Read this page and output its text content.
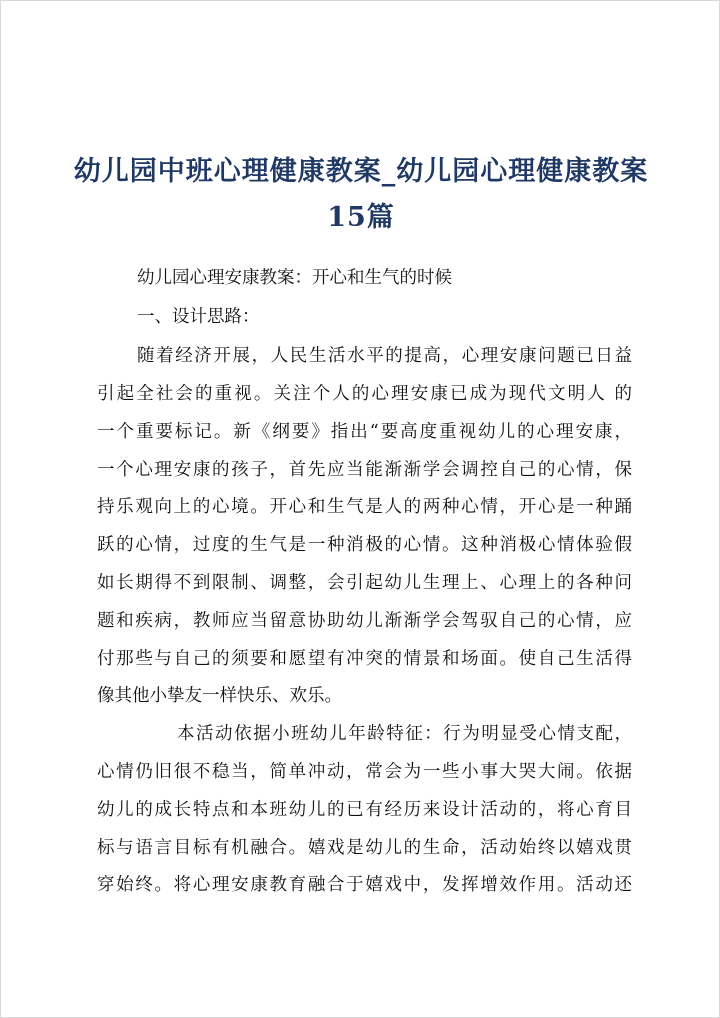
幼儿园中班心理健康教案_幼儿园心理健康教案15篇

幼儿园心理安康教案：开心和生气的时候

一、设计思路：

随着经济开展，人民生活水平的提高，心理安康问题已日益

引起全社会的重视。关注个人的心理安康已成为现代文明人 的

一个重要标记。新《纲要》指出“要高度重视幼儿的心理安康，

一个心理安康的孩子，首先应当能渐渐学会调控自己的心情，保

持乐观向上的心境。开心和生气是人的两种心情，开心是一种踊

跃的心情，过度的生气是一种消极的心情。这种消极心情体验假

如长期得不到限制、调整，会引起幼儿生理上、心理上的各种问

题和疾病，教师应当留意协助幼儿渐渐学会驾驭自己的心情，应

付那些与自己的须要和愿望有冲突的情景和场面。使自己生活得

像其他小挚友一样快乐、欢乐。

本活动依据小班幼儿年龄特征：行为明显受心情支配，

心情仍旧很不稳当，简单冲动，常会为一些小事大哭大闹。依据

幼儿的成长特点和本班幼儿的已有经历来设计活动的，将心育目

标与语言目标有机融合。嬉戏是幼儿的生命，活动始终以嬉戏贯

穿始终。将心理安康教育融合于嬉戏中，发挥增效作用。活动还
